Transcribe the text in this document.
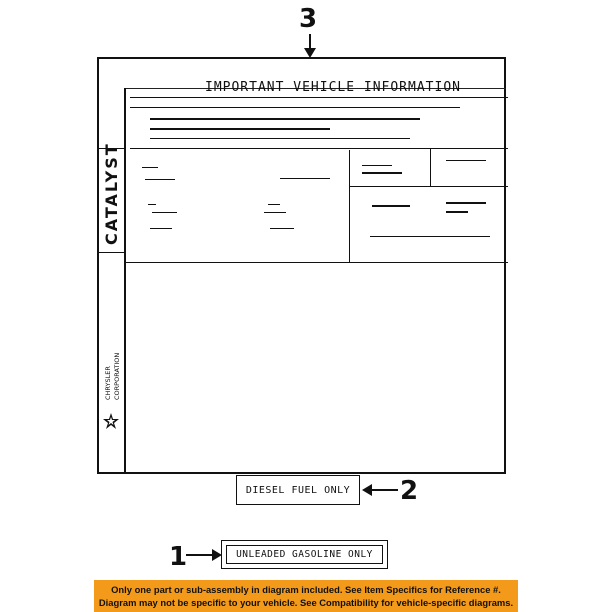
3
CATALYST
CHRYSLER CORPORATION
IMPORTANT VEHICLE INFORMATION
DIESEL FUEL ONLY	2
1	UNLEADED GASOLINE ONLY
Only one part or sub-assembly in diagram included. See Item Specifics for Reference #.
Diagram may not be specific to your vehicle. See Compatibility for vehicle-specific diagrams.
